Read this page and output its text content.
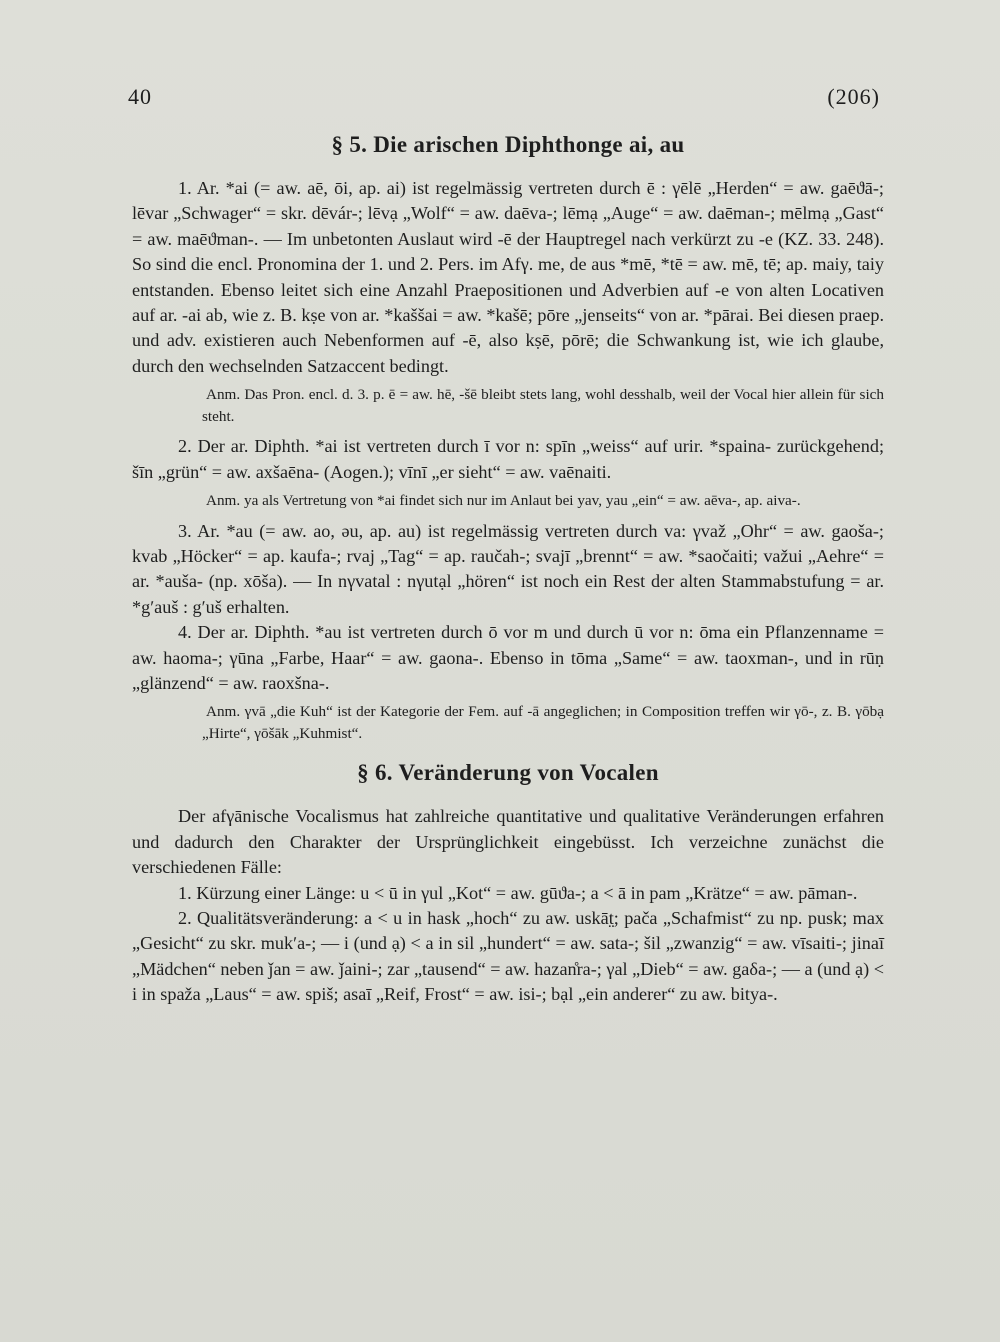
40	(206)
§ 5. Die arischen Diphthonge ai, au

1. Ar. *ai (= aw. aē, ōi, ap. ai) ist regelmässig vertreten durch ē : γēlē „Herden“ = aw. gaēϑā-; lēvar „Schwager“ = skr. dēvár-; lēvạ „Wolf“ = aw. daēva-; lēmạ „Auge“ = aw. daēman-; mēlmạ „Gast“ = aw. maēϑman-. — Im unbetonten Auslaut wird -ē der Hauptregel nach verkürzt zu -e (KZ. 33. 248). So sind die encl. Pronomina der 1. und 2. Pers. im Afγ. me, de aus *mē, *tē = aw. mē, tē; ap. maiy, taiy entstanden. Ebenso leitet sich eine Anzahl Praepositionen und Adverbien auf -e von alten Locativen auf ar. -ai ab, wie z. B. kṣe von ar. *kaššai = aw. *kašē; pōre „jenseits“ von ar. *pārai. Bei diesen praep. und adv. existieren auch Nebenformen auf -ē, also kṣē, pōrē; die Schwankung ist, wie ich glaube, durch den wechselnden Satzaccent bedingt.

Anm. Das Pron. encl. d. 3. p. ē = aw. hē, -šē bleibt stets lang, wohl desshalb, weil der Vocal hier allein für sich steht.

2. Der ar. Diphth. *ai ist vertreten durch ī vor n: spīn „weiss“ auf urir. *spaina- zurückgehend; šīn „grün“ = aw. axšaēna- (Aogen.); vīnī „er sieht“ = aw. vaēnaiti.

Anm. ya als Vertretung von *ai findet sich nur im Anlaut bei yav, yau „ein“ = aw. aēva-, ap. aiva-.

3. Ar. *au (= aw. ao, əu, ap. au) ist regelmässig vertreten durch va: γvaž „Ohr“ = aw. gaoša-; kvab „Höcker“ = ap. kaufa-; rvaj „Tag“ = ap. raučah-; svajī „brennt“ = aw. *saočaiti; važui „Aehre“ = ar. *auša- (np. xōša). — In nγvatal : nγutạl „hören“ ist noch ein Rest der alten Stammabstufung = ar. *gʹauš : gʹuš erhalten.

4. Der ar. Diphth. *au ist vertreten durch ō vor m und durch ū vor n: ōma ein Pflanzenname = aw. haoma-; γūna „Farbe, Haar“ = aw. gaona-. Ebenso in tōma „Same“ = aw. taoxman-, und in rūṇ „glänzend“ = aw. raoxšna-.

Anm. γvā „die Kuh“ ist der Kategorie der Fem. auf -ā angeglichen; in Composition treffen wir γō-, z. B. γōbạ „Hirte“, γōšāk „Kuhmist“.

§ 6. Veränderung von Vocalen

Der afγānische Vocalismus hat zahlreiche quantitative und qualitative Veränderungen erfahren und dadurch den Charakter der Ursprünglichkeit eingebüsst. Ich verzeichne zunächst die verschiedenen Fälle:

1. Kürzung einer Länge: u < ū in γul „Kot“ = aw. gūϑa-; a < ā in pam „Krätze“ = aw. pāman-.

2. Qualitätsveränderung: a < u in hask „hoch“ zu aw. uskāt̤; pača „Schafmist“ zu np. pusk; max „Gesicht“ zu skr. mukʹa-; — i (und ạ) < a in sil „hundert“ = aw. sata-; šil „zwanzig“ = aw. vīsaiti-; jinaī „Mädchen“ neben ǰan = aw. ǰaini-; zar „tausend“ = aw. hazan̊ra-; γal „Dieb“ = aw. gaδa-; — a (und ạ) < i in spaža „Laus“ = aw. spiš; asaī „Reif, Frost“ = aw. isi-; bạl „ein anderer“ zu aw. bitya-.
